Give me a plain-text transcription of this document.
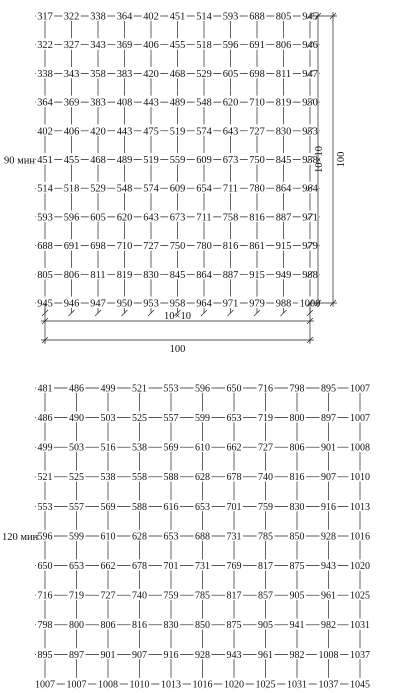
317 322 338 364 402 451 514 593 688 805 945
322 327 343 369 406 455 518 596 691 806 946
338 343 358 383 420 468 529 605 698 811 947
364 369 383 408 443 489 548 620 710 819 950
402 406 420 443 475 519 574 643 727 830 953
451 455 468 489 519 559 609 673 750 845 958
514 518 529 548 574 609 654 711 780 864 964
593 596 605 620 643 673 711 758 816 887 971
688 691 698 710 727 750 780 816 861 915 979
805 806 811 819 830 845 864 887 915 949 988
945 946 947 950 953 958 964 971 979 988 1000
90 мин
10×10
100
10×10 100
481 486 499 521 553 596 650 716 798 895 1007
486 490 503 525 557 599 653 719 800 897 1007
499 503 516 538 569 610 662 727 806 901 1008
521 525 538 558 588 628 678 740 816 907 1010
553 557 569 588 616 653 701 759 830 916 1013
596 599 610 628 653 688 731 785 850 928 1016
650 653 662 678 701 731 769 817 875 943 1020
716 719 727 740 759 785 817 857 905 961 1025
798 800 806 816 830 850 875 905 941 982 1031
895 897 901 907 916 928 943 961 982 1008 1037
1007 1007 1008 1010 1013 1016 1020 1025 1031 1037 1045
120 мин
